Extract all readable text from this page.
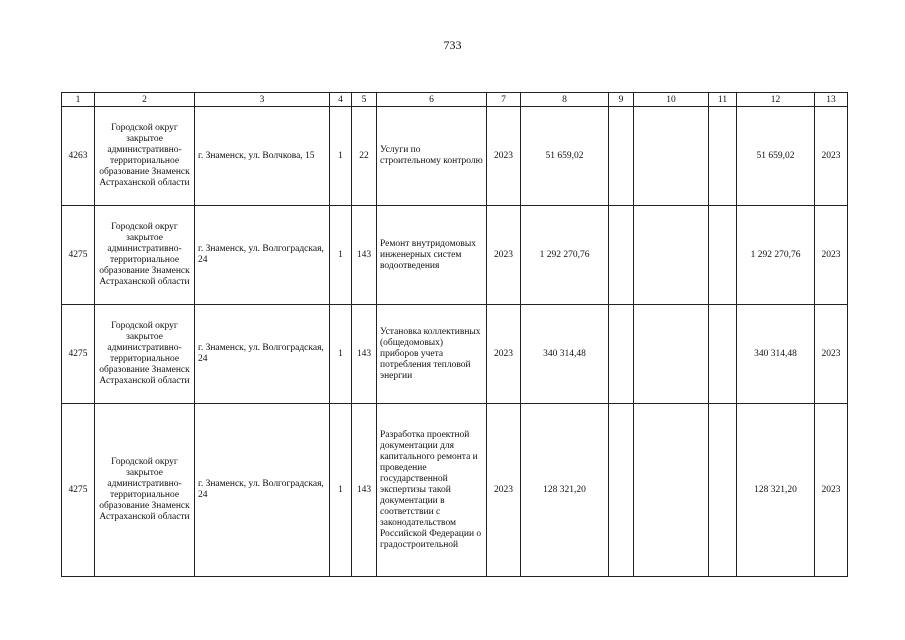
733
1	2	3	4	5	6	7	8	9	10	11	12	13
4263	Городской округ закрытое административно-территориальное образование Знаменск Астраханской области	г. Знаменск, ул. Волчкова, 15	1	22	Услуги по строительному контролю	2023	51 659,02				51 659,02	2023
4275	Городской округ закрытое административно-территориальное образование Знаменск Астраханской области	г. Знаменск, ул. Волгоградская, 24	1	143	Ремонт внутридомовых инженерных систем водоотведения	2023	1 292 270,76				1 292 270,76	2023
4275	Городской округ закрытое административно-территориальное образование Знаменск Астраханской области	г. Знаменск, ул. Волгоградская, 24	1	143	Установка коллективных (общедомовых) приборов учета потребления тепловой энергии	2023	340 314,48				340 314,48	2023
4275	Городской округ закрытое административно-территориальное образование Знаменск Астраханской области	г. Знаменск, ул. Волгоградская, 24	1	143	Разработка проектной документации для капитального ремонта и проведение государственной экспертизы такой документации в соответствии с законодательством Российской Федерации о градостроительной	2023	128 321,20				128 321,20	2023
